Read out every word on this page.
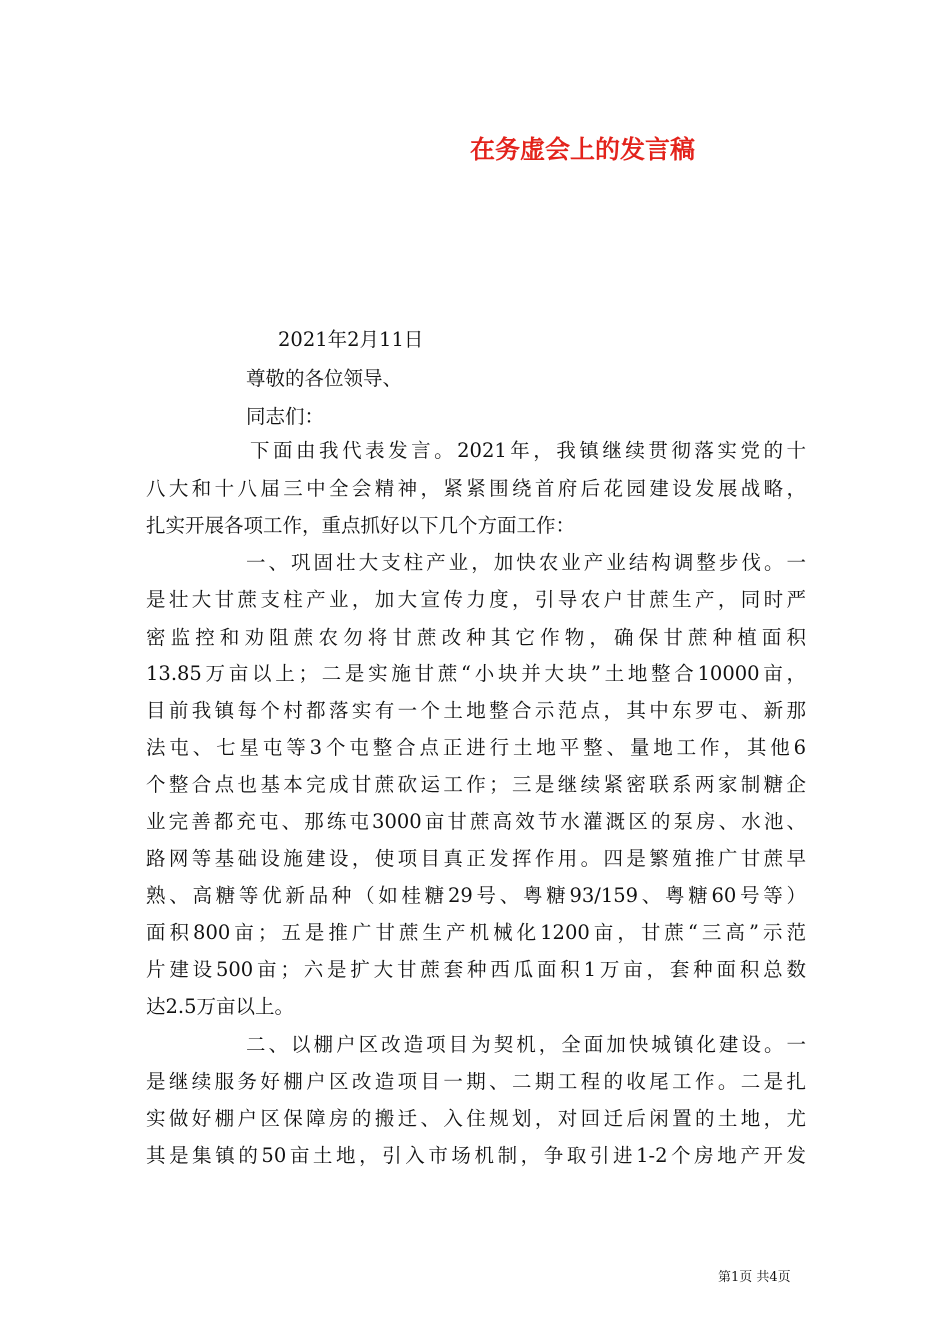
在务虚会上的发言稿
2021年2月11日
尊敬的各位领导、
同志们：
下面由我代表发言。2021年，我镇继续贯彻落实党的十
八大和十八届三中全会精神，紧紧围绕首府后花园建设发展战略，
扎实开展各项工作，重点抓好以下几个方面工作：
一、巩固壮大支柱产业，加快农业产业结构调整步伐。一
是壮大甘蔗支柱产业，加大宣传力度，引导农户甘蔗生产，同时严
密监控和劝阻蔗农勿将甘蔗改种其它作物，确保甘蔗种植面积
13.85万亩以上；二是实施甘蔗“小块并大块”土地整合10000亩，
目前我镇每个村都落实有一个土地整合示范点，其中东罗屯、新那
法屯、七星屯等3个屯整合点正进行土地平整、量地工作，其他6
个整合点也基本完成甘蔗砍运工作；三是继续紧密联系两家制糖企
业完善都充屯、那练屯3000亩甘蔗高效节水灌溉区的泵房、水池、
路网等基础设施建设，使项目真正发挥作用。四是繁殖推广甘蔗早
熟、高糖等优新品种（如桂糖29号、粤糖93/159、粤糖60号等）
面积800亩；五是推广甘蔗生产机械化1200亩，甘蔗“三高”示范
片建设500亩；六是扩大甘蔗套种西瓜面积1万亩，套种面积总数
达2.5万亩以上。
二、以棚户区改造项目为契机，全面加快城镇化建设。一
是继续服务好棚户区改造项目一期、二期工程的收尾工作。二是扎
实做好棚户区保障房的搬迁、入住规划，对回迁后闲置的土地，尤
其是集镇的50亩土地，引入市场机制，争取引进1-2个房地产开发
第1页 共4页
